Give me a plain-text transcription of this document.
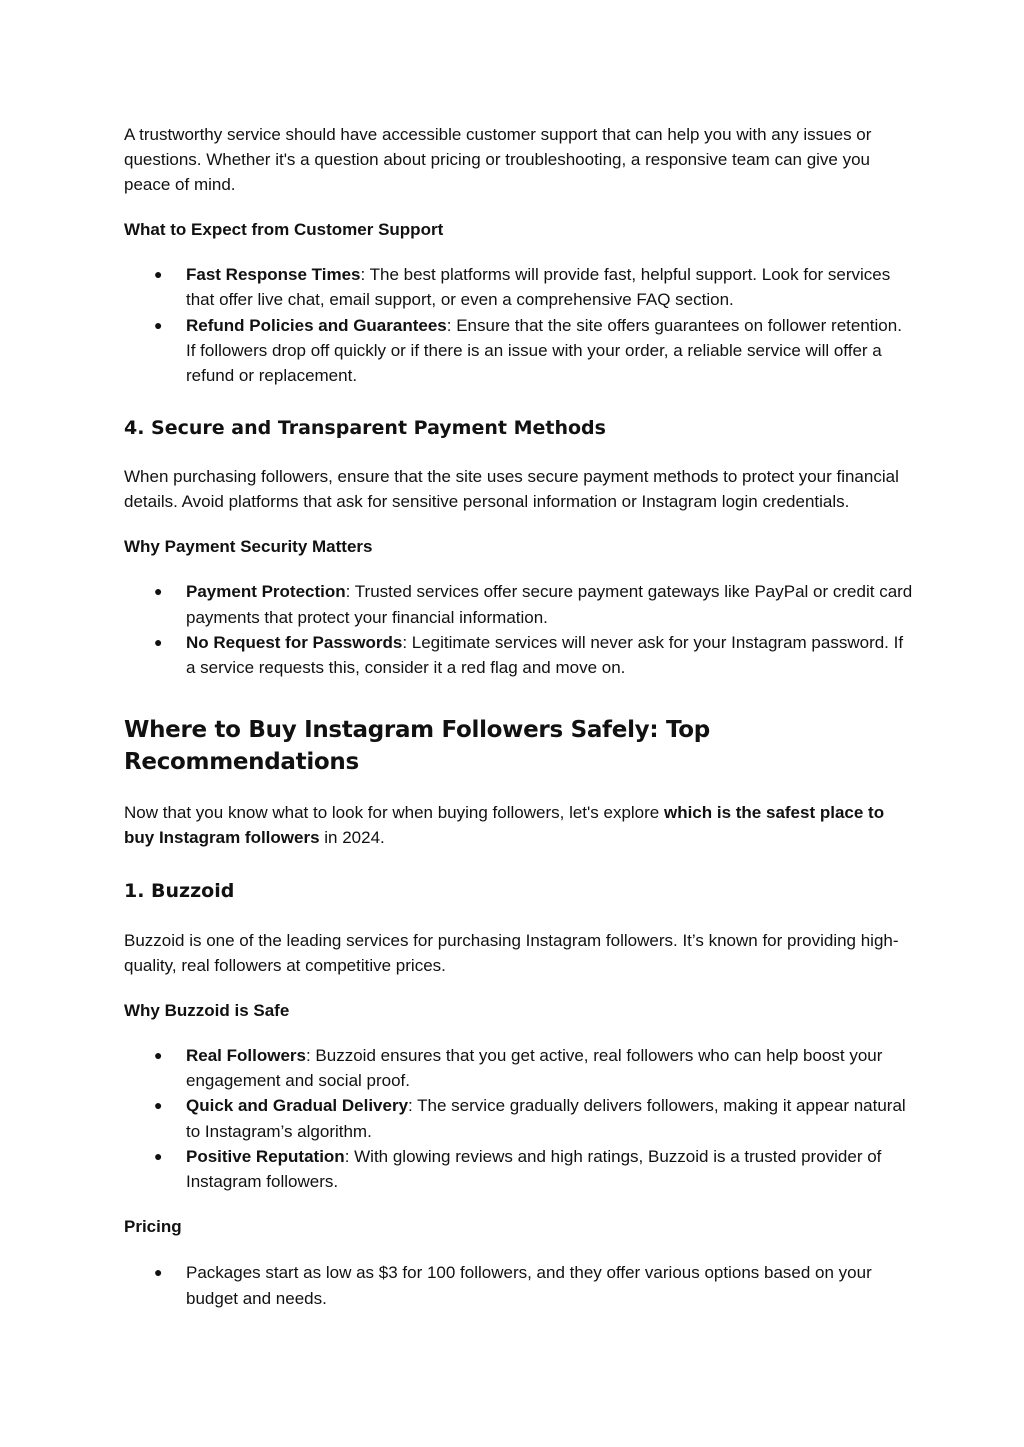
A trustworthy service should have accessible customer support that can help you with any issues or questions. Whether it's a question about pricing or troubleshooting, a responsive team can give you peace of mind.

What to Expect from Customer Support

● Fast Response Times: The best platforms will provide fast, helpful support. Look for services that offer live chat, email support, or even a comprehensive FAQ section.
● Refund Policies and Guarantees: Ensure that the site offers guarantees on follower retention. If followers drop off quickly or if there is an issue with your order, a reliable service will offer a refund or replacement.
4. Secure and Transparent Payment Methods

When purchasing followers, ensure that the site uses secure payment methods to protect your financial details. Avoid platforms that ask for sensitive personal information or Instagram login credentials.

Why Payment Security Matters

● Payment Protection: Trusted services offer secure payment gateways like PayPal or credit card payments that protect your financial information.
● No Request for Passwords: Legitimate services will never ask for your Instagram password. If a service requests this, consider it a red flag and move on.
Where to Buy Instagram Followers Safely: Top Recommendations

Now that you know what to look for when buying followers, let's explore which is the safest place to buy Instagram followers in 2024.

1. Buzzoid

Buzzoid is one of the leading services for purchasing Instagram followers. It’s known for providing high-quality, real followers at competitive prices.

Why Buzzoid is Safe

● Real Followers: Buzzoid ensures that you get active, real followers who can help boost your engagement and social proof.
● Quick and Gradual Delivery: The service gradually delivers followers, making it appear natural to Instagram’s algorithm.
● Positive Reputation: With glowing reviews and high ratings, Buzzoid is a trusted provider of Instagram followers.

Pricing

● Packages start as low as $3 for 100 followers, and they offer various options based on your budget and needs.
